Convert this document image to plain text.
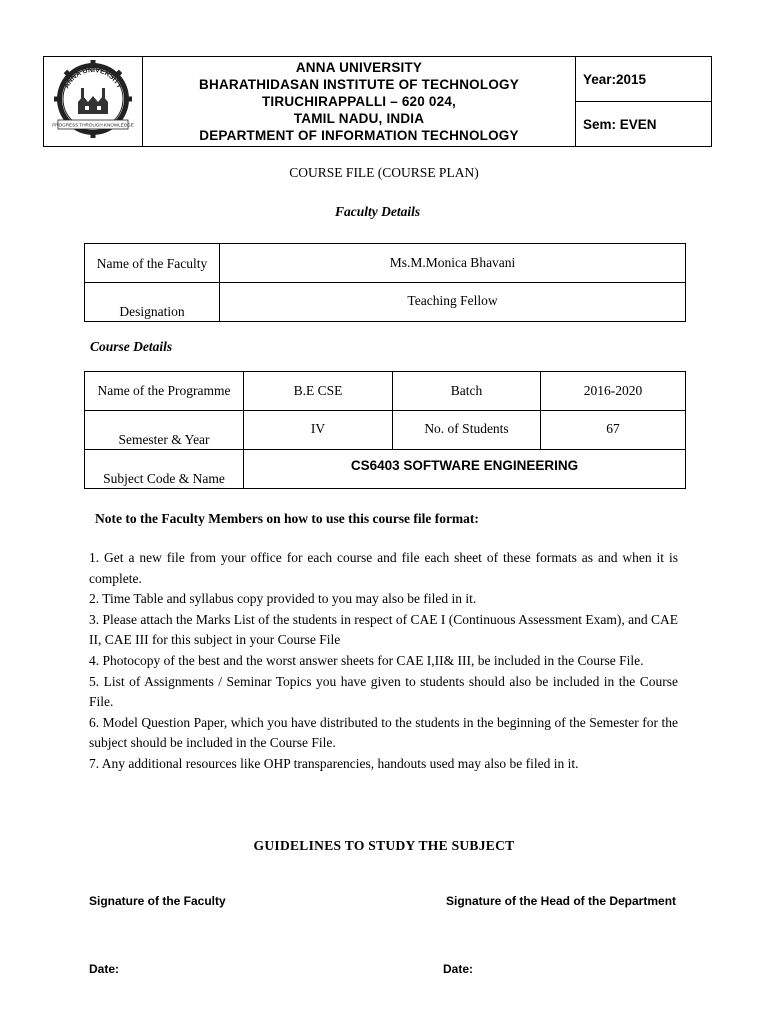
ANNA UNIVERSITY
PROGRESS THROUGH KNOWLEDGE

ANNA UNIVERSITY
BHARATHIDASAN INSTITUTE OF TECHNOLOGY
TIRUCHIRAPPALLI – 620 024,
TAMIL NADU, INDIA
DEPARTMENT OF INFORMATION TECHNOLOGY
	Year:2015
Sem: EVEN
COURSE FILE (COURSE PLAN)
Faculty Details
Name of the Faculty	Ms.M.Monica Bhavani
Designation	Teaching Fellow
Course Details
Name of the Programme	B.E CSE	Batch	2016-2020
Semester & Year	IV	No. of Students	67
Subject Code & Name	CS6403 SOFTWARE ENGINEERING		
Note to the Faculty Members on how to use this course file format:

1. Get a new file from your office for each course and file each sheet of these formats as and when it is complete.

2. Time Table and syllabus copy provided to you may also be filed in it.

3. Please attach the Marks List of the students in respect of CAE I (Continuous Assessment Exam), and CAE II, CAE III for this subject in your Course File

4. Photocopy of the best and the worst answer sheets for CAE I,II& III, be included in the Course File.

5. List of Assignments / Seminar Topics you have given to students should also be included in the Course File.

6. Model Question Paper, which you have distributed to the students in the beginning of the Semester for the subject should be included in the Course File.

7. Any additional resources like OHP transparencies, handouts used may also be filed in it.

GUIDELINES TO STUDY THE SUBJECT
Signature of the Faculty	Signature of the Head of the Department
Date:	Date:
